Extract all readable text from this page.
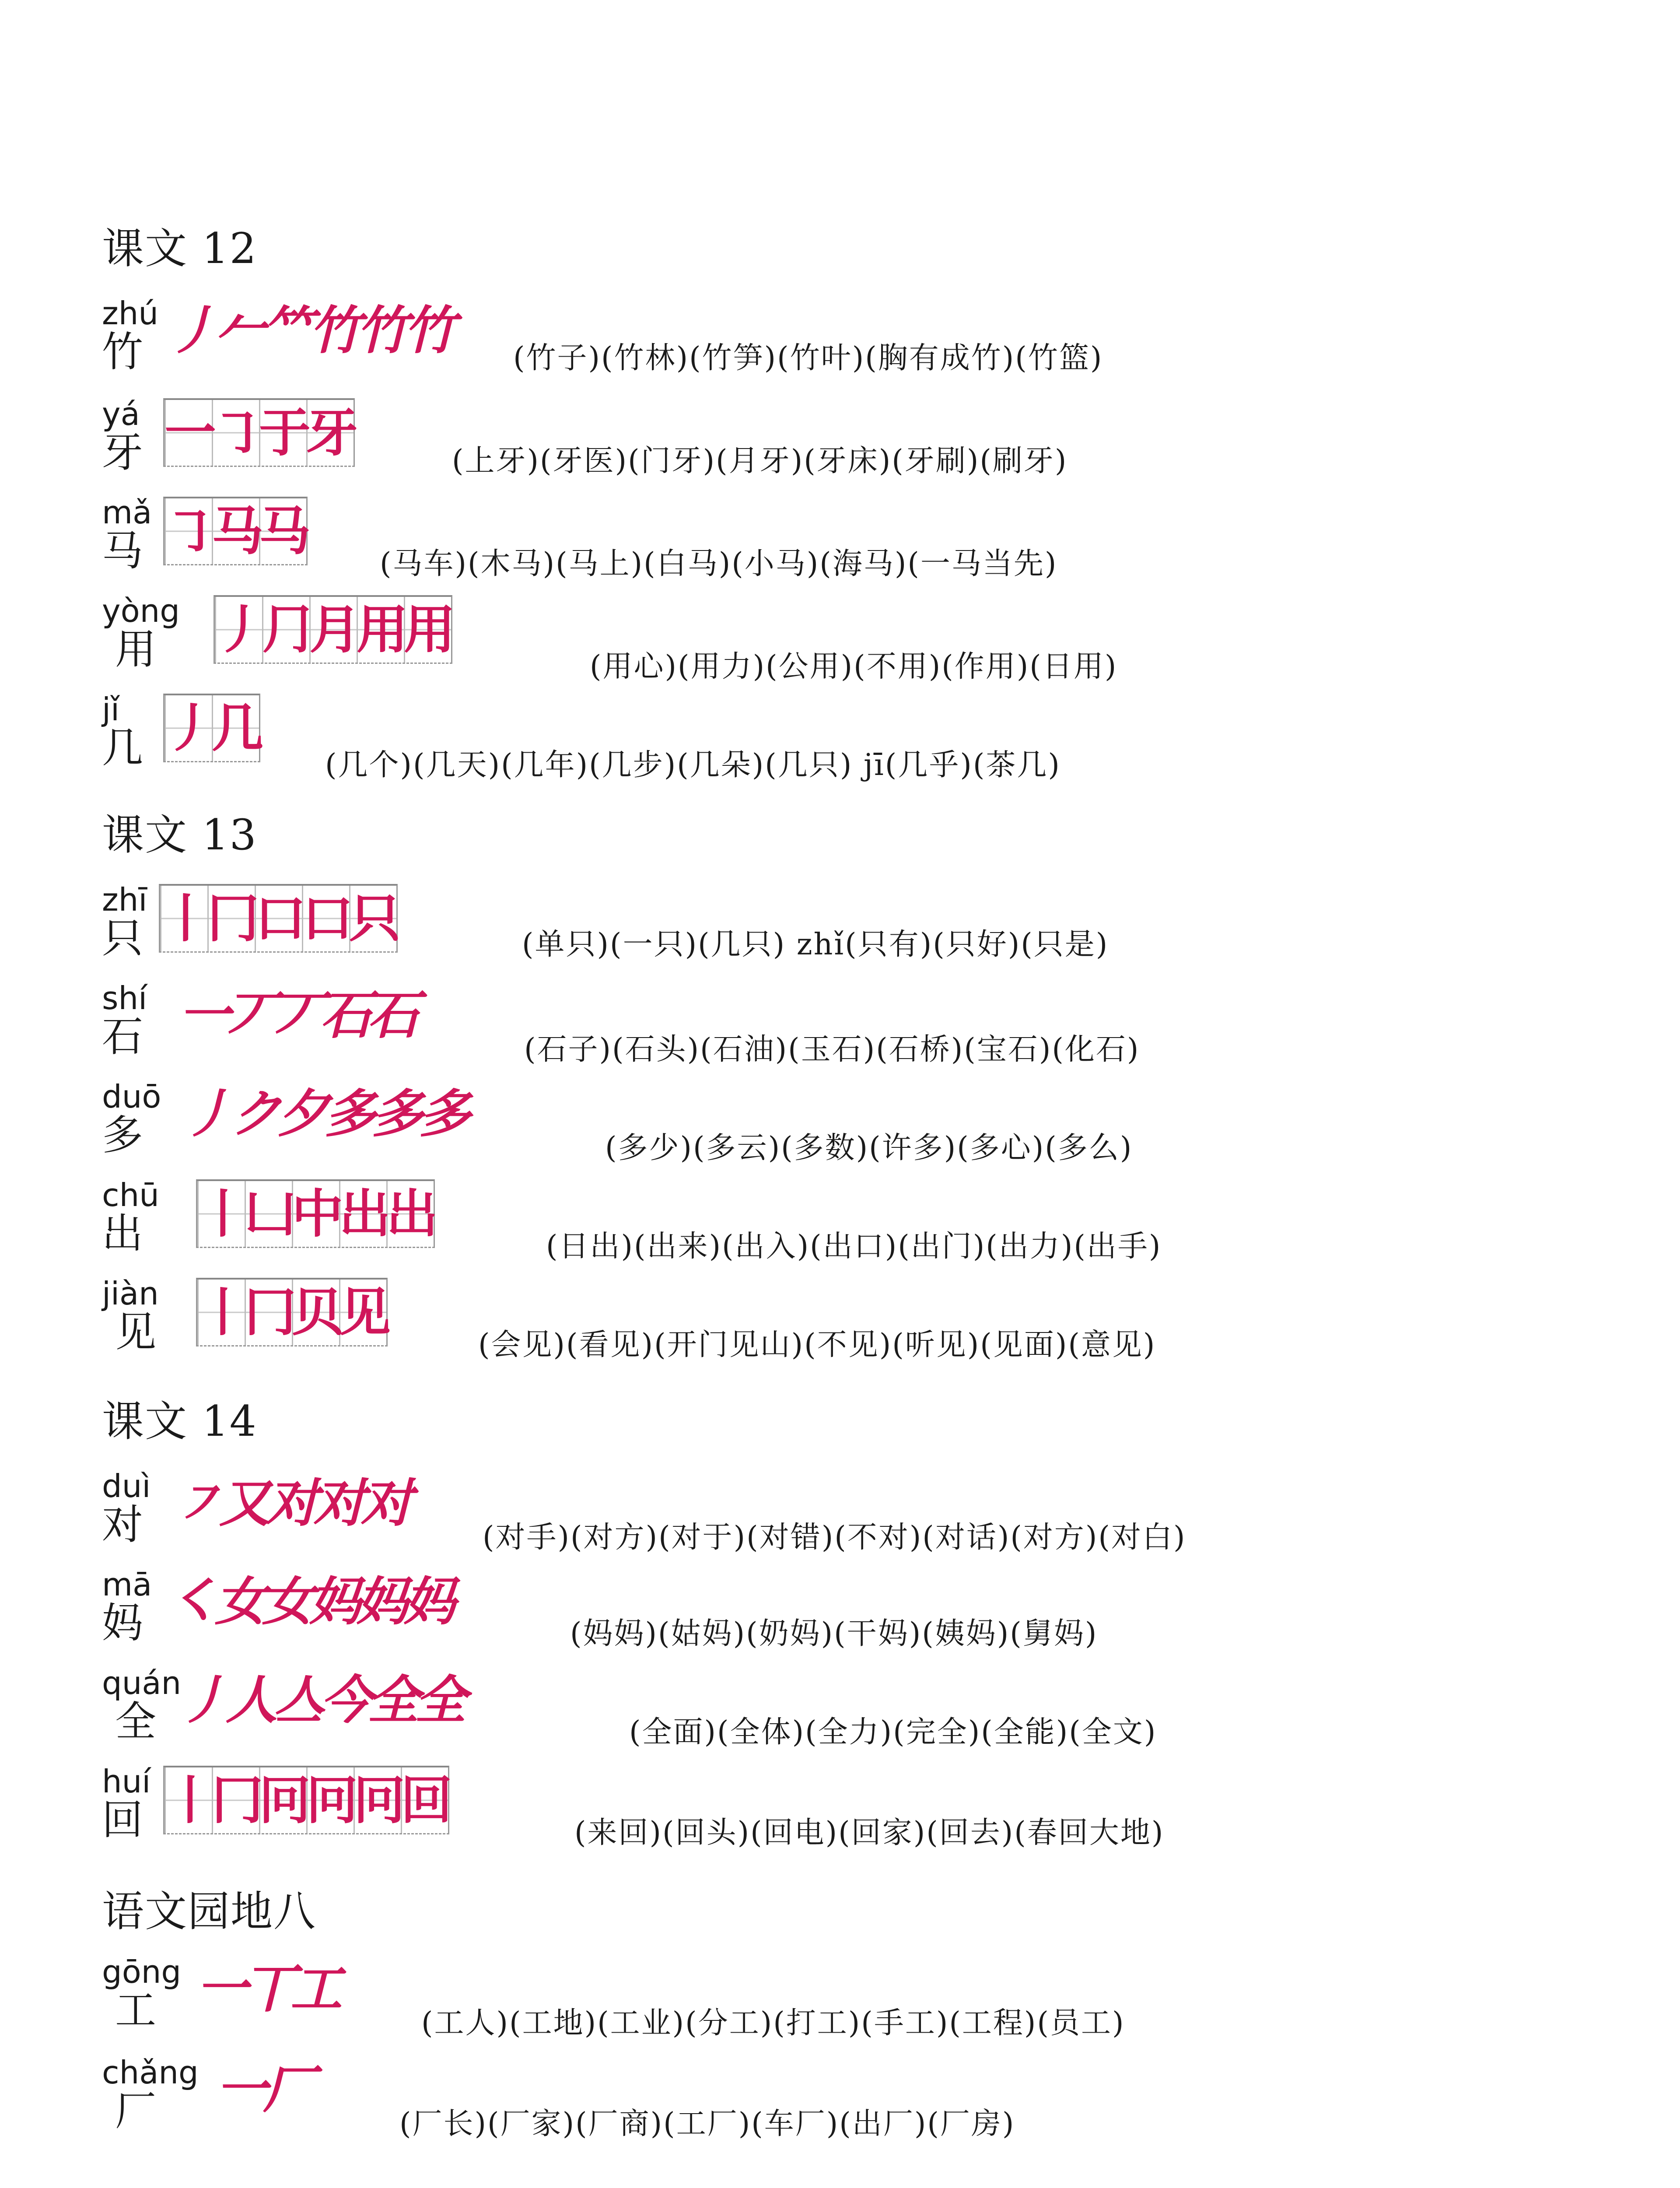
课文 12
zhú
竹 丿
𠂉
𥫗
竹
竹
竹 (竹子)(竹林)(竹笋)(竹叶)(胸有成竹)(竹篮)
yá
牙 一
㇆
于
牙	(上牙)(牙医)(门牙)(月牙)(牙床)(牙刷)(刷牙)
mǎ
马 ㇆
马
马
(马车)(木马)(马上)(白马)(小马)(海马)(一马当先)
yòng
用 丿
⺆
月
用
用
(用心)(用力)(公用)(不用)(作用)(日用)
jǐ
几 丿
几
(几个)(几天)(几年)(几步)(几朵)(几只) jī(几乎)(茶几)
课文 13
zhī
只 丨
冂
口
口
只	(单只)(一只)(几只) zhǐ(只有)(只好)(只是)
shí
石 一
丆
丆
石
石
(石子)(石头)(石油)(玉石)(石桥)(宝石)(化石)
duō
多 丿
ク
夕
多
多
多
(多少)(多云)(多数)(许多)(多心)(多么)
chū
出 丨
凵
中
出
出
(日出)(出来)(出入)(出口)(出门)(出力)(出手)
jiàn
见 丨
冂
贝
见
(会见)(看见)(开门见山)(不见)(听见)(见面)(意见)
课文 14
duì
对 ㇇
又
对
对
对
(对手)(对方)(对于)(对错)(不对)(对话)(对方)(对白)
mā
妈 ㇛
女
女
妈
妈
妈
(妈妈)(姑妈)(奶妈)(干妈)(姨妈)(舅妈)
quán
全 丿
人
亼
今
全
全
(全面)(全体)(全力)(完全)(全能)(全文)
huí
回 丨
冂
冋
冋
冋
回
(来回)(回头)(回电)(回家)(回去)(春回大地)
语文园地八
gōng
工 一
丅
工
(工人)(工地)(工业)(分工)(打工)(手工)(工程)(员工)
chǎng
厂 一
厂
(厂长)(厂家)(厂商)(工厂)(车厂)(出厂)(厂房)
